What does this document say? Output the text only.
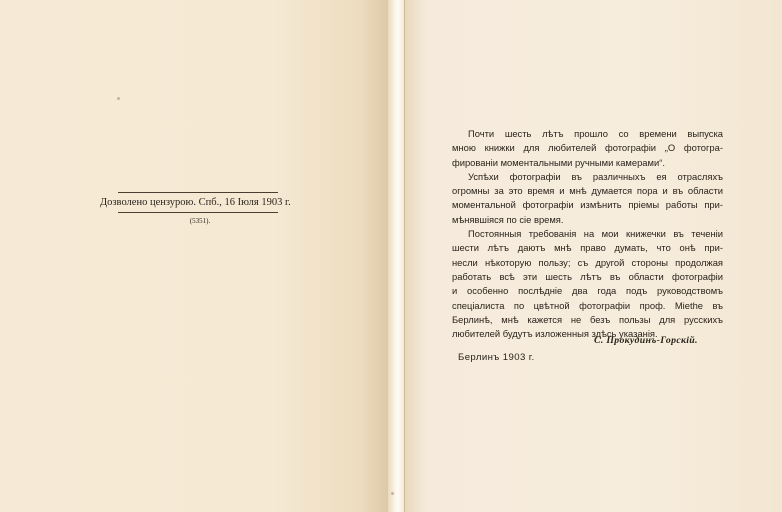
Дозволено цензурою. Спб., 16 Іюля 1903 г.
(5351).
Почти шесть лѣтъ прошло со времени выпуска
мною книжки для любителей фотографіи „О фотогра-
фированіи моментальными ручными камерами“.
Успѣхи фотографіи въ различныхъ ея отрасляхъ
огромны за это время и мнѣ думается пора и въ области
моментальной фотографіи измѣнить пріемы работы при-
мѣнявшіяся по сіе время.
Постоянныя требованія на мои книжечки въ теченіи
шести лѣтъ даютъ мнѣ право думать, что онѣ при-
несли нѣкоторую пользу; съ другой стороны продолжая
работать всѣ эти шесть лѣтъ въ области фотографіи
и особенно послѣдніе два года подъ руководствомъ
спеціалиста по цвѣтной фотографіи проф. Miethe въ
Берлинѣ, мнѣ кажется не безъ пользы для русскихъ
любителей будутъ изложенныя здѣсь указанія.
С. Прокудинъ-Горскій.
Берлинъ 1903 г.
